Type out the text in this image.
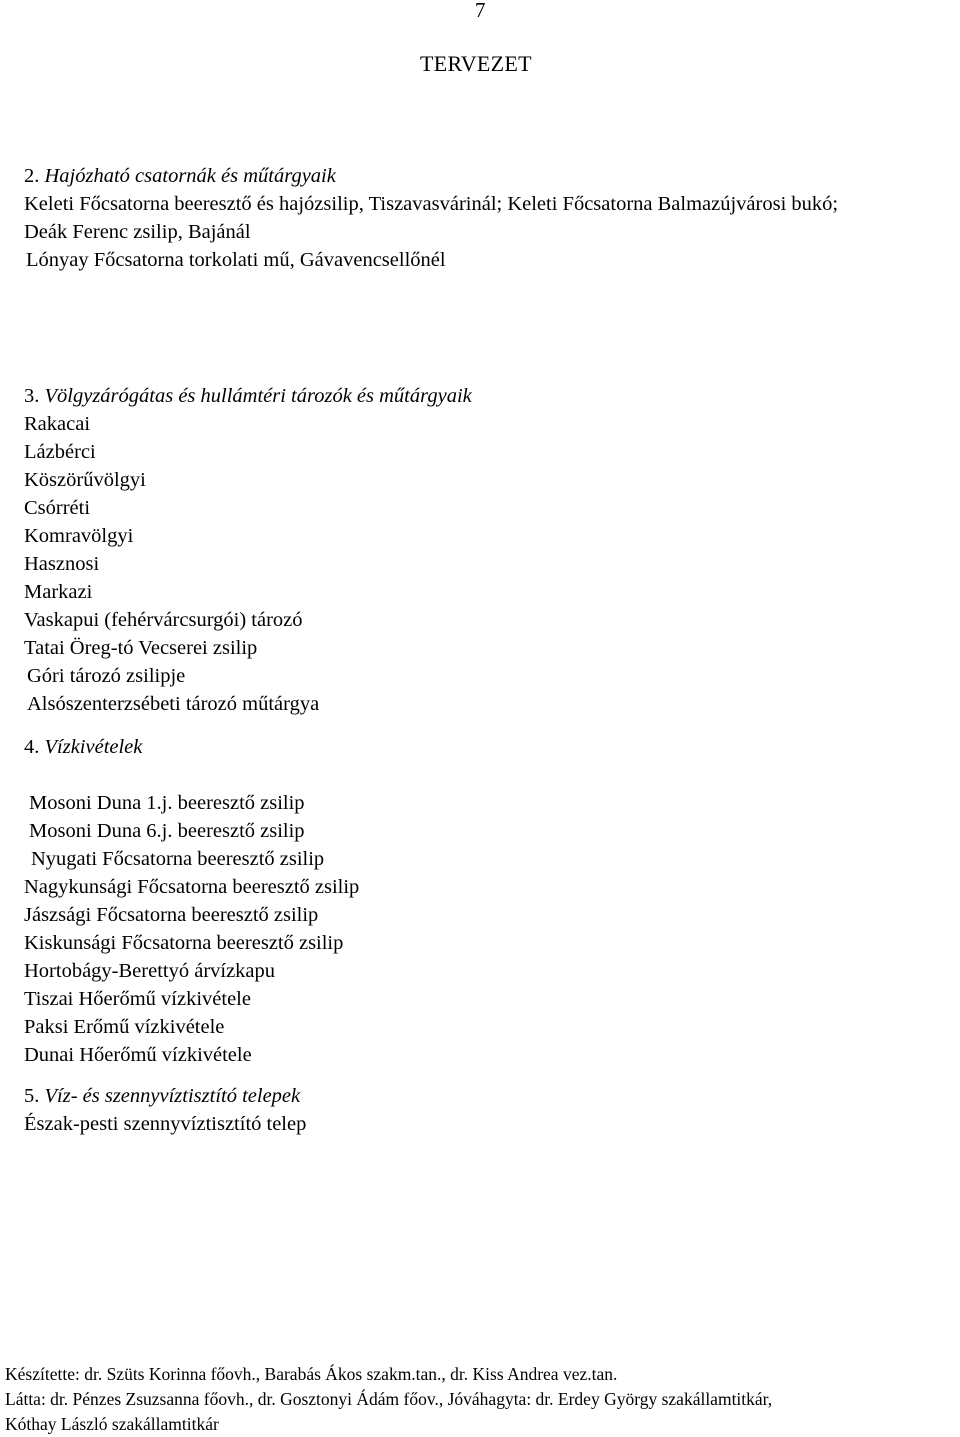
7
TERVEZET
2. Hajózható csatornák és műtárgyaik
Keleti Főcsatorna beeresztő és hajózsilip, Tiszavasvárinál; Keleti Főcsatorna Balmazújvárosi bukó;
Deák Ferenc zsilip, Bajánál
Lónyay Főcsatorna torkolati mű, Gávavencsellőnél
3. Völgyzárógátas és hullámtéri tározók és műtárgyaik
Rakacai
Lázbérci
Köszörűvölgyi
Csórréti
Komravölgyi
Hasznosi
Markazi
Vaskapui (fehérvárcsurgói) tározó
Tatai Öreg-tó Vecserei zsilip
Góri tározó zsilipje
Alsószenterzsébeti tározó műtárgya
4. Vízkivételek
Mosoni Duna 1.j. beeresztő zsilip
Mosoni Duna 6.j. beeresztő zsilip
Nyugati Főcsatorna beeresztő zsilip
Nagykunsági Főcsatorna beeresztő zsilip
Jászsági Főcsatorna beeresztő zsilip
Kiskunsági Főcsatorna beeresztő zsilip
Hortobágy-Berettyó árvízkapu
Tiszai Hőerőmű vízkivétele
Paksi Erőmű vízkivétele
Dunai Hőerőmű vízkivétele
5. Víz- és szennyvíztisztító telepek
Észak-pesti szennyvíztisztító telep
Készítette: dr. Szüts Korinna főovh., Barabás Ákos szakm.tan., dr. Kiss Andrea vez.tan.
Látta: dr. Pénzes Zsuzsanna főovh., dr. Gosztonyi Ádám főov., Jóváhagyta: dr. Erdey György szakállamtitkár,
Kóthay László szakállamtitkár
